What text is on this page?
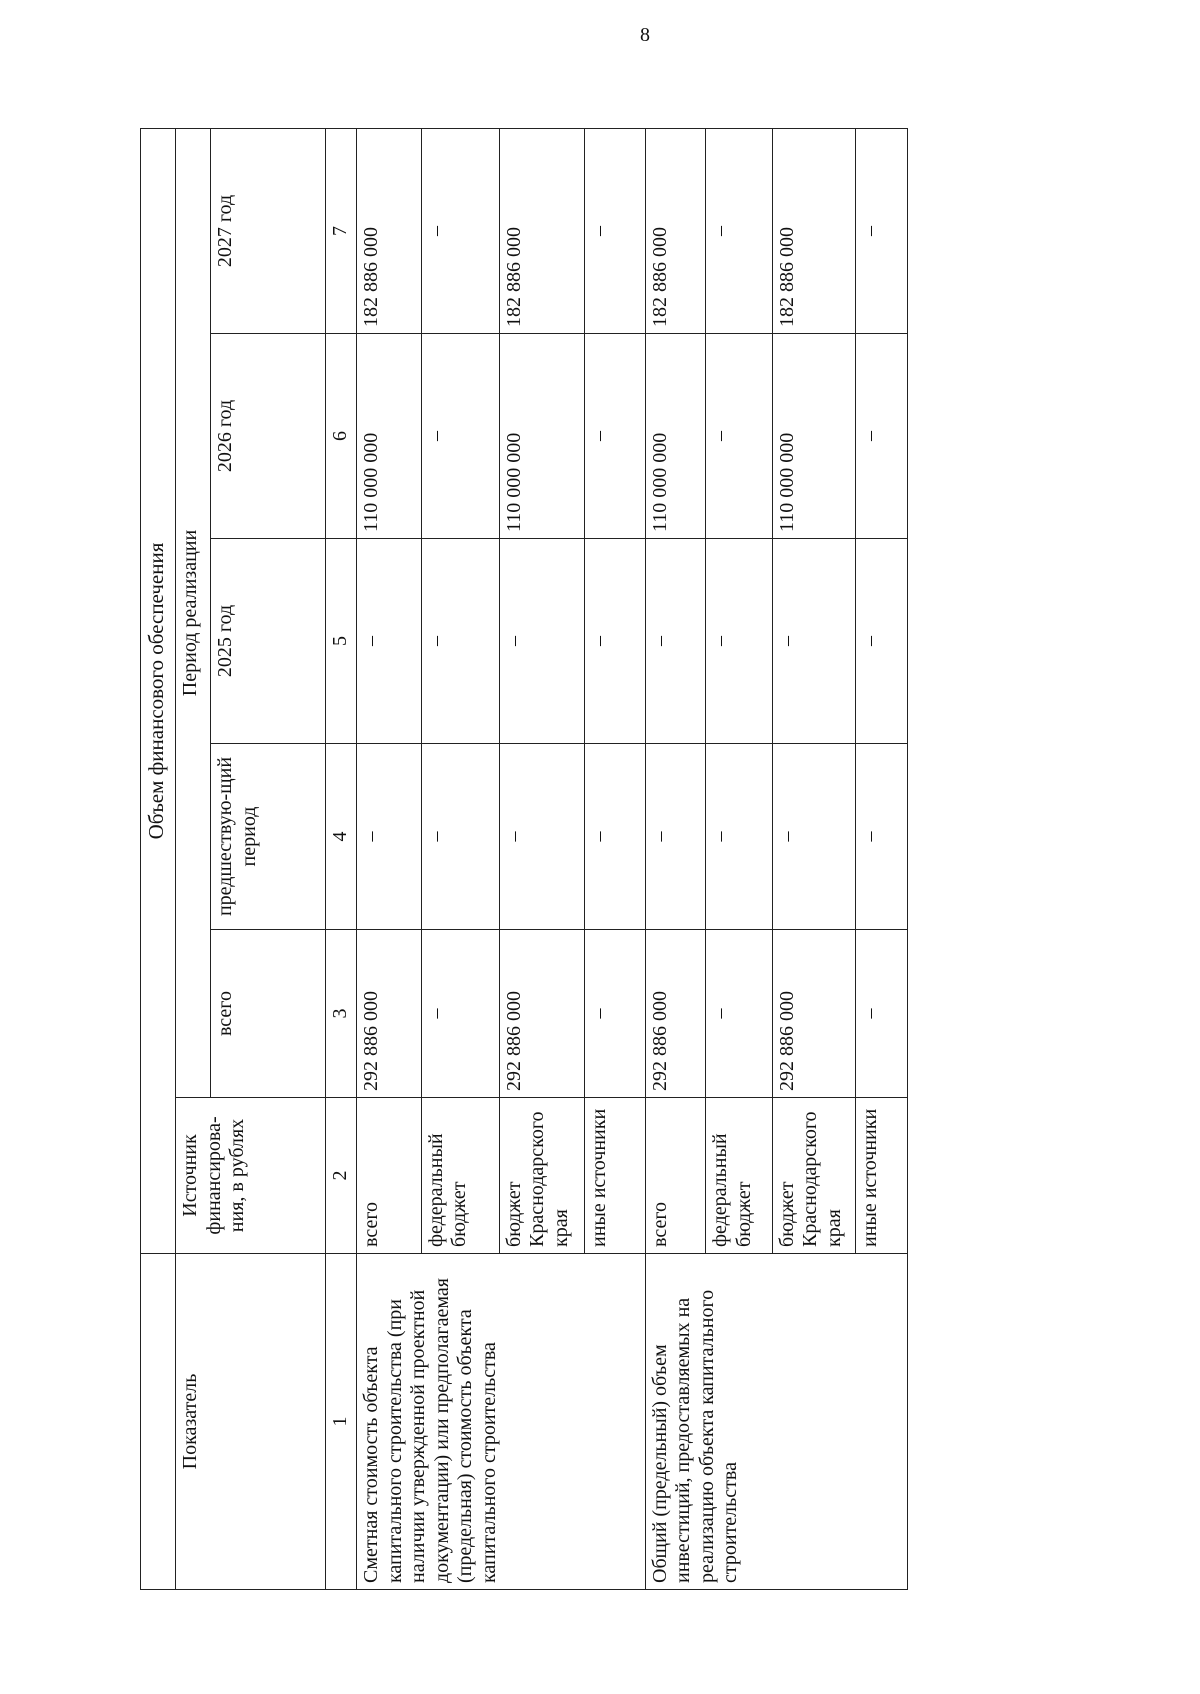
8
	Объем финансового обеспечения					
Показатель	Источник финансирова-ния, в рублях	Период реализации				
		всего	предшествую-щий период	2025 год	2026 год	2027 год
1	2	3	4	5	6	7
Сметная стоимость объекта капитального строительства (при наличии утвержденной проектной документации) или предполагаемая (предельная) стоимость объекта капитального строительства	всего	292 886 000	–	–	110 000 000	182 886 000
	федеральный бюджет	–	–	–	–	–
	бюджет Краснодарского края	292 886 000	–	–	110 000 000	182 886 000
	иные источники	–	–	–	–	–
Общий (предельный) объем инвестиций, предоставляемых на реализацию объекта капитального строительства	всего	292 886 000	–	–	110 000 000	182 886 000
	федеральный бюджет	–	–	–	–	–
	бюджет Краснодарского края	292 886 000	–	–	110 000 000	182 886 000
	иные источники	–	–	–	–	–
